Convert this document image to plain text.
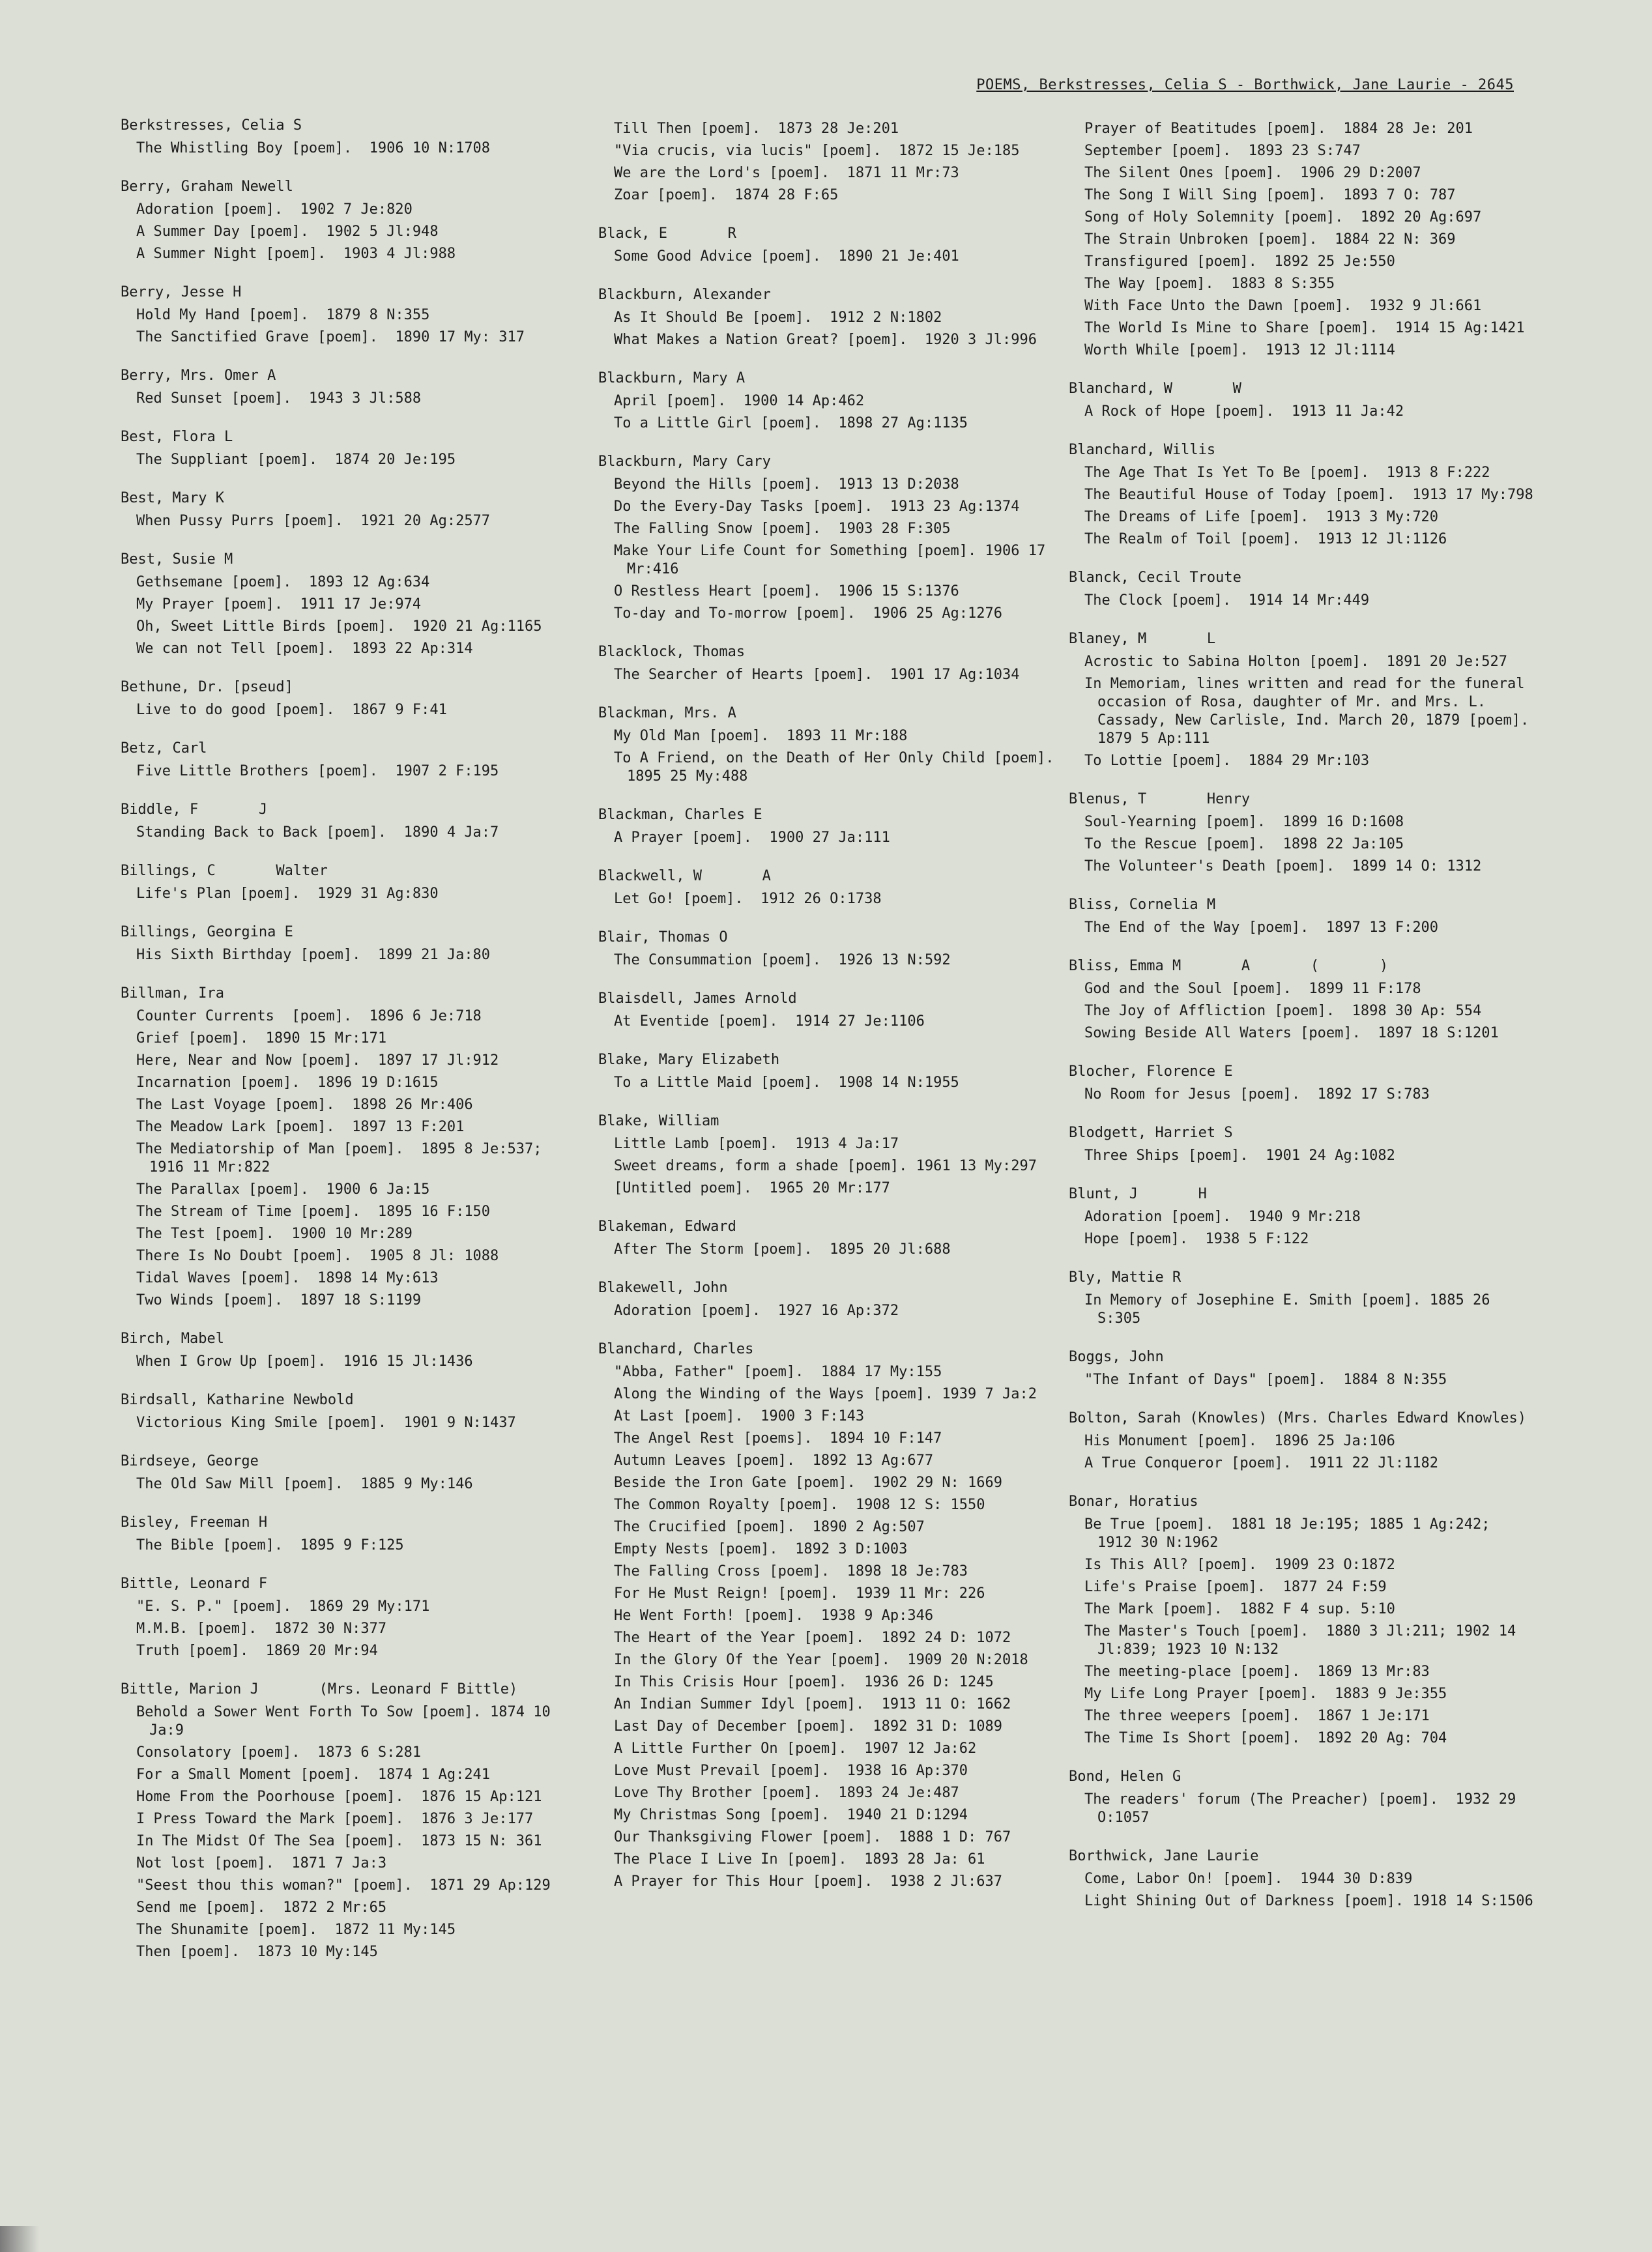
POEMS, Berkstresses, Celia S - Borthwick, Jane Laurie - 2645
Berkstresses, Celia S
The Whistling Boy [poem].  1906 10 N:1708
Berry, Graham Newell
Adoration [poem].  1902 7 Je:820
A Summer Day [poem].  1902 5 Jl:948
A Summer Night [poem].  1903 4 Jl:988
Berry, Jesse H
Hold My Hand [poem].  1879 8 N:355
The Sanctified Grave [poem].  1890 17 My: 317
Berry, Mrs. Omer A
Red Sunset [poem].  1943 3 Jl:588
Best, Flora L
The Suppliant [poem].  1874 20 Je:195
Best, Mary K
When Pussy Purrs [poem].  1921 20 Ag:2577
Best, Susie M
Gethsemane [poem].  1893 12 Ag:634
My Prayer [poem].  1911 17 Je:974
Oh, Sweet Little Birds [poem].  1920 21 Ag:1165
We can not Tell [poem].  1893 22 Ap:314
Bethune, Dr. [pseud]
Live to do good [poem].  1867 9 F:41
Betz, Carl
Five Little Brothers [poem].  1907 2 F:195
Biddle, F       J
Standing Back to Back [poem].  1890 4 Ja:7
Billings, C       Walter
Life's Plan [poem].  1929 31 Ag:830
Billings, Georgina E
His Sixth Birthday [poem].  1899 21 Ja:80
Billman, Ira
Counter Currents  [poem].  1896 6 Je:718
Grief [poem].  1890 15 Mr:171
Here, Near and Now [poem].  1897 17 Jl:912
Incarnation [poem].  1896 19 D:1615
The Last Voyage [poem].  1898 26 Mr:406
The Meadow Lark [poem].  1897 13 F:201
The Mediatorship of Man [poem].  1895 8 Je:537;  1916 11 Mr:822
The Parallax [poem].  1900 6 Ja:15
The Stream of Time [poem].  1895 16 F:150
The Test [poem].  1900 10 Mr:289
There Is No Doubt [poem].  1905 8 Jl: 1088
Tidal Waves [poem].  1898 14 My:613
Two Winds [poem].  1897 18 S:1199
Birch, Mabel
When I Grow Up [poem].  1916 15 Jl:1436
Birdsall, Katharine Newbold
Victorious King Smile [poem].  1901 9 N:1437
Birdseye, George
The Old Saw Mill [poem].  1885 9 My:146
Bisley, Freeman H
The Bible [poem].  1895 9 F:125
Bittle, Leonard F
"E. S. P." [poem].  1869 29 My:171
M.M.B. [poem].  1872 30 N:377
Truth [poem].  1869 20 Mr:94
Bittle, Marion J       (Mrs. Leonard F Bittle)
Behold a Sower Went Forth To Sow [poem]. 1874 10 Ja:9
Consolatory [poem].  1873 6 S:281
For a Small Moment [poem].  1874 1 Ag:241
Home From the Poorhouse [poem].  1876 15 Ap:121
I Press Toward the Mark [poem].  1876 3 Je:177
In The Midst Of The Sea [poem].  1873 15 N: 361
Not lost [poem].  1871 7 Ja:3
"Seest thou this woman?" [poem].  1871 29 Ap:129
Send me [poem].  1872 2 Mr:65
The Shunamite [poem].  1872 11 My:145
Then [poem].  1873 10 My:145
Till Then [poem].  1873 28 Je:201
"Via crucis, via lucis" [poem].  1872 15 Je:185
We are the Lord's [poem].  1871 11 Mr:73
Zoar [poem].  1874 28 F:65
Black, E       R
Some Good Advice [poem].  1890 21 Je:401
Blackburn, Alexander
As It Should Be [poem].  1912 2 N:1802
What Makes a Nation Great? [poem].  1920 3 Jl:996
Blackburn, Mary A
April [poem].  1900 14 Ap:462
To a Little Girl [poem].  1898 27 Ag:1135
Blackburn, Mary Cary
Beyond the Hills [poem].  1913 13 D:2038
Do the Every-Day Tasks [poem].  1913 23 Ag:1374
The Falling Snow [poem].  1903 28 F:305
Make Your Life Count for Something [poem]. 1906 17 Mr:416
O Restless Heart [poem].  1906 15 S:1376
To-day and To-morrow [poem].  1906 25 Ag:1276
Blacklock, Thomas
The Searcher of Hearts [poem].  1901 17 Ag:1034
Blackman, Mrs. A
My Old Man [poem].  1893 11 Mr:188
To A Friend, on the Death of Her Only Child [poem].  1895 25 My:488
Blackman, Charles E
A Prayer [poem].  1900 27 Ja:111
Blackwell, W       A
Let Go! [poem].  1912 26 O:1738
Blair, Thomas O
The Consummation [poem].  1926 13 N:592
Blaisdell, James Arnold
At Eventide [poem].  1914 27 Je:1106
Blake, Mary Elizabeth
To a Little Maid [poem].  1908 14 N:1955
Blake, William
Little Lamb [poem].  1913 4 Ja:17
Sweet dreams, form a shade [poem]. 1961 13 My:297
[Untitled poem].  1965 20 Mr:177
Blakeman, Edward
After The Storm [poem].  1895 20 Jl:688
Blakewell, John
Adoration [poem].  1927 16 Ap:372
Blanchard, Charles
"Abba, Father" [poem].  1884 17 My:155
Along the Winding of the Ways [poem]. 1939 7 Ja:2
At Last [poem].  1900 3 F:143
The Angel Rest [poems].  1894 10 F:147
Autumn Leaves [poem].  1892 13 Ag:677
Beside the Iron Gate [poem].  1902 29 N: 1669
The Common Royalty [poem].  1908 12 S: 1550
The Crucified [poem].  1890 2 Ag:507
Empty Nests [poem].  1892 3 D:1003
The Falling Cross [poem].  1898 18 Je:783
For He Must Reign! [poem].  1939 11 Mr: 226
He Went Forth! [poem].  1938 9 Ap:346
The Heart of the Year [poem].  1892 24 D: 1072
In the Glory Of the Year [poem].  1909 20 N:2018
In This Crisis Hour [poem].  1936 26 D: 1245
An Indian Summer Idyl [poem].  1913 11 O: 1662
Last Day of December [poem].  1892 31 D: 1089
A Little Further On [poem].  1907 12 Ja:62
Love Must Prevail [poem].  1938 16 Ap:370
Love Thy Brother [poem].  1893 24 Je:487
My Christmas Song [poem].  1940 21 D:1294
Our Thanksgiving Flower [poem].  1888 1 D: 767
The Place I Live In [poem].  1893 28 Ja: 61
A Prayer for This Hour [poem].  1938 2 Jl:637
Prayer of Beatitudes [poem].  1884 28 Je: 201
September [poem].  1893 23 S:747
The Silent Ones [poem].  1906 29 D:2007
The Song I Will Sing [poem].  1893 7 O: 787
Song of Holy Solemnity [poem].  1892 20 Ag:697
The Strain Unbroken [poem].  1884 22 N: 369
Transfigured [poem].  1892 25 Je:550
The Way [poem].  1883 8 S:355
With Face Unto the Dawn [poem].  1932 9 Jl:661
The World Is Mine to Share [poem].  1914 15 Ag:1421
Worth While [poem].  1913 12 Jl:1114
Blanchard, W       W
A Rock of Hope [poem].  1913 11 Ja:42
Blanchard, Willis
The Age That Is Yet To Be [poem].  1913 8 F:222
The Beautiful House of Today [poem].  1913 17 My:798
The Dreams of Life [poem].  1913 3 My:720
The Realm of Toil [poem].  1913 12 Jl:1126
Blanck, Cecil Troute
The Clock [poem].  1914 14 Mr:449
Blaney, M       L
Acrostic to Sabina Holton [poem].  1891 20 Je:527
In Memoriam, lines written and read for the funeral occasion of Rosa, daughter of Mr. and Mrs. L. Cassady, New Carlisle, Ind. March 20, 1879 [poem].  1879 5 Ap:111
To Lottie [poem].  1884 29 Mr:103
Blenus, T       Henry
Soul-Yearning [poem].  1899 16 D:1608
To the Rescue [poem].  1898 22 Ja:105
The Volunteer's Death [poem].  1899 14 O: 1312
Bliss, Cornelia M
The End of the Way [poem].  1897 13 F:200
Bliss, Emma M       A       (       )
God and the Soul [poem].  1899 11 F:178
The Joy of Affliction [poem].  1898 30 Ap: 554
Sowing Beside All Waters [poem].  1897 18 S:1201
Blocher, Florence E
No Room for Jesus [poem].  1892 17 S:783
Blodgett, Harriet S
Three Ships [poem].  1901 24 Ag:1082
Blunt, J       H
Adoration [poem].  1940 9 Mr:218
Hope [poem].  1938 5 F:122
Bly, Mattie R
In Memory of Josephine E. Smith [poem]. 1885 26 S:305
Boggs, John
"The Infant of Days" [poem].  1884 8 N:355
Bolton, Sarah (Knowles) (Mrs. Charles Edward Knowles)
His Monument [poem].  1896 25 Ja:106
A True Conqueror [poem].  1911 22 Jl:1182
Bonar, Horatius
Be True [poem].  1881 18 Je:195; 1885 1 Ag:242;  1912 30 N:1962
Is This All? [poem].  1909 23 O:1872
Life's Praise [poem].  1877 24 F:59
The Mark [poem].  1882 F 4 sup. 5:10
The Master's Touch [poem].  1880 3 Jl:211; 1902 14 Jl:839; 1923 10 N:132
The meeting-place [poem].  1869 13 Mr:83
My Life Long Prayer [poem].  1883 9 Je:355
The three weepers [poem].  1867 1 Je:171
The Time Is Short [poem].  1892 20 Ag: 704
Bond, Helen G
The readers' forum (The Preacher) [poem].  1932 29 O:1057
Borthwick, Jane Laurie
Come, Labor On! [poem].  1944 30 D:839
Light Shining Out of Darkness [poem]. 1918 14 S:1506
